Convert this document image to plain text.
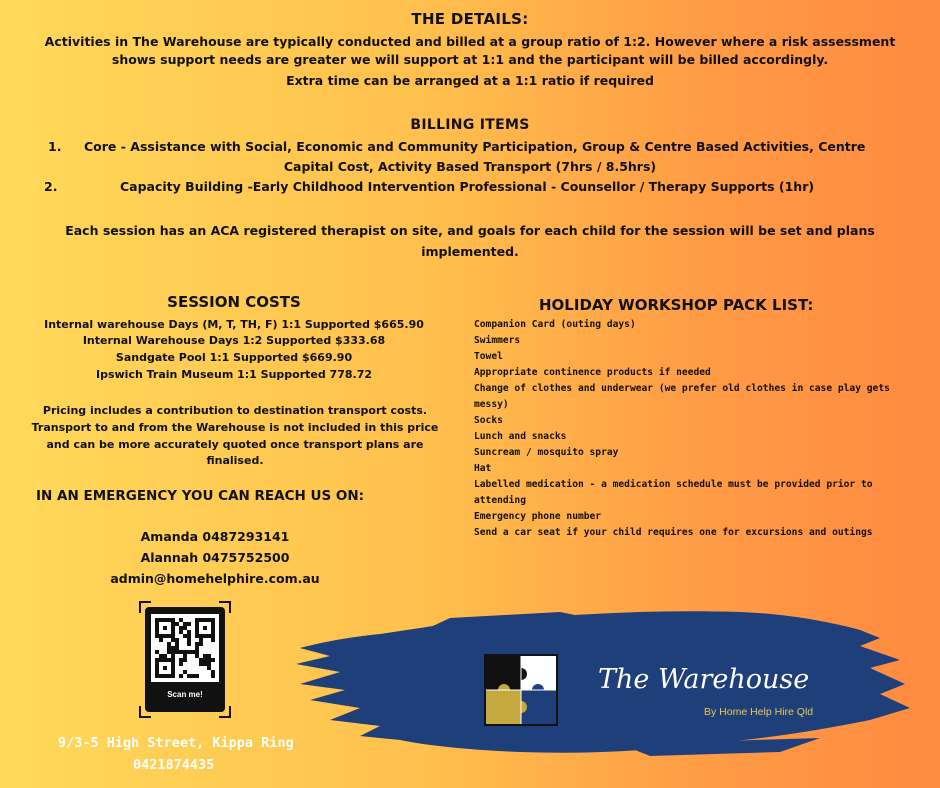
THE DETAILS:
Activities in The Warehouse are typically conducted and billed at a group ratio of 1:2. However where a risk assessment
shows support needs are greater we will support at 1:1 and the participant will be billed accordingly.
Extra time can be arranged at a 1:1 ratio if required
BILLING ITEMS
1. Core - Assistance with Social, Economic and Community Participation, Group & Centre Based Activities, Centre
Capital Cost, Activity Based Transport (7hrs / 8.5hrs)
2.	Capacity Building -Early Childhood Intervention Professional - Counsellor / Therapy Supports (1hr)
Each session has an ACA registered therapist on site, and goals for each child for the session will be set and plans
implemented.
SESSION COSTS
Internal warehouse Days (M, T, TH, F) 1:1 Supported $665.90
Internal Warehouse Days 1:2 Supported $333.68
Sandgate Pool 1:1 Supported $669.90
Ipswich Train Museum 1:1 Supported 778.72
Pricing includes a contribution to destination transport costs.
Transport to and from the Warehouse is not included in this price
and can be more accurately quoted once transport plans are
finalised.
IN AN EMERGENCY YOU CAN REACH US ON:
Amanda 0487293141
Alannah 0475752500
admin@homehelphire.com.au
HOLIDAY WORKSHOP PACK LIST:
Companion Card (outing days)
Swimmers
Towel
Appropriate continence products if needed
Change of clothes and underwear (we prefer old clothes in case play gets
messy)
Socks
Lunch and snacks
Suncream / mosquito spray
Hat
Labelled medication - a medication schedule must be provided prior to
attending
Emergency phone number
Send a car seat if your child requires one for excursions and outings
Scan me!
9/3-5 High Street, Kippa Ring
0421874435
The Warehouse
By Home Help Hire Qld
